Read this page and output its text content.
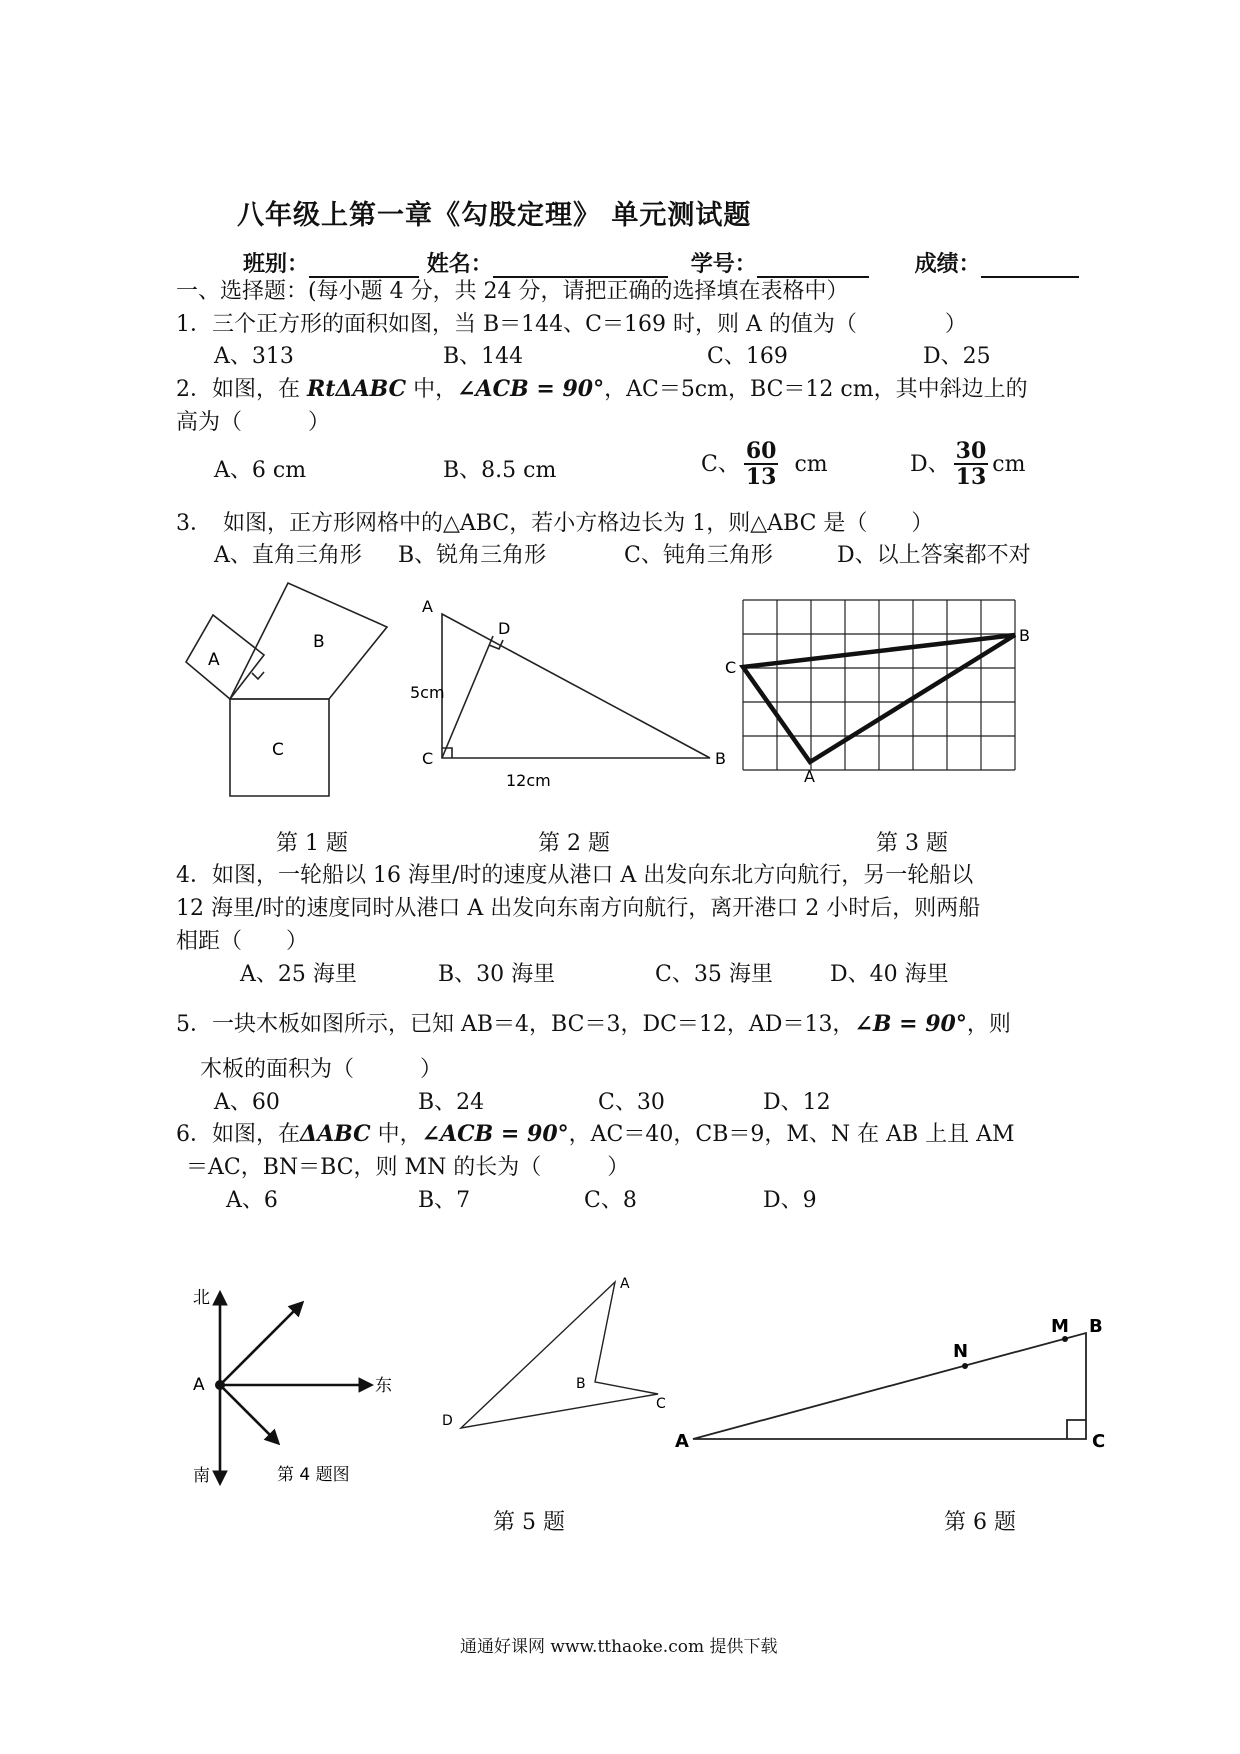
八年级上第一章《勾股定理》 单元测试题
班别：	姓名：	学号：	成绩：
一、选择题：(每小题 4 分，共 24 分，请把正确的选择填在表格中）
1．三个正方形的面积如图，当 B＝144、C＝169 时，则 A 的值为（　　　　）
A、313	B、144	C、169	D、25
2．如图，在 RtΔABC 中，∠ACB = 90°，AC＝5cm，BC＝12 cm，其中斜边上的
高为（　　　）
A、6 cm	B、8.5 cm	C、 $\frac{60}{13}$ cm	D、 $\frac{30}{13}$ cm
3．　如图，正方形网格中的△ABC，若小方格边长为 1，则△ABC 是（　　）
A、直角三角形 B、锐角三角形	C、钝角三角形	D、以上答案都不对
A
B
C
A
D
C	B
5cm
12cm
C
B
A
第 1 题	第 2 题	第 3 题
4．如图，一轮船以 16 海里/时的速度从港口 A 出发向东北方向航行，另一轮船以
12 海里/时的速度同时从港口 A 出发向东南方向航行，离开港口 2 小时后，则两船
相距（　　）
A、25 海里	B、30 海里	C、35 海里	D、40 海里
5．一块木板如图所示，已知 AB＝4，BC＝3，DC＝12，AD＝13，∠B = 90°，则
木板的面积为（　　　）
A、60	B、24	C、30	D、12
6．如图，在ΔABC 中，∠ACB = 90°，AC＝40，CB＝9，M、N 在 AB 上且 AM
＝AC，BN＝BC，则 MN 的长为（　　　）
A、6	B、7	C、8	D、9
北
南
东
A
第 4 题图
A
B
C
D
A
B
C
M
N
第 5 题	第 6 题
通通好课网 www.tthaoke.com 提供下载
